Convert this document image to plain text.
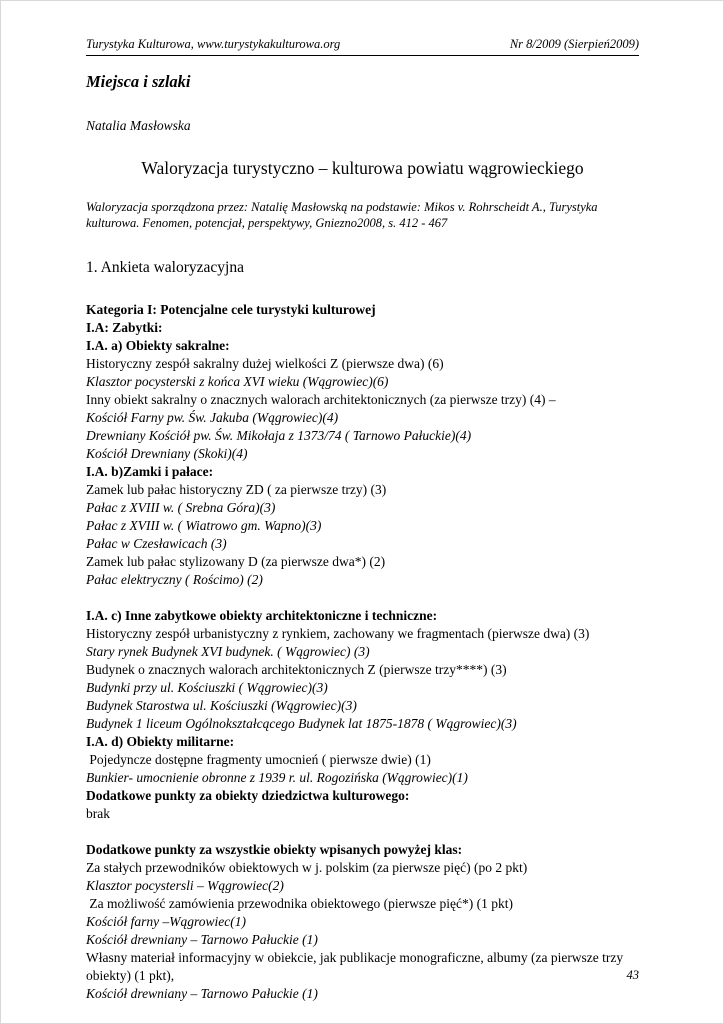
Turystyka Kulturowa, www.turystykakulturowa.org	Nr 8/2009 (Sierpień2009)
Miejsca i szlaki
Natalia Masłowska
Waloryzacja turystyczno – kulturowa powiatu wągrowieckiego
Waloryzacja sporządzona przez: Natalię Masłowską na podstawie: Mikos v. Rohrscheidt A., Turystyka kulturowa. Fenomen, potencjał, perspektywy, Gniezno2008, s. 412 - 467
1. Ankieta waloryzacyjna

Kategoria I: Potencjalne cele turystyki kulturowej

I.A: Zabytki:

I.A. a) Obiekty sakralne:

Historyczny zespół sakralny dużej wielkości Z (pierwsze dwa) (6)

Klasztor pocysterski z końca XVI wieku (Wągrowiec)(6)

Inny obiekt sakralny o znacznych walorach architektonicznych (za pierwsze trzy) (4) –

Kościół Farny pw. Św. Jakuba (Wągrowiec)(4)

Drewniany Kościół pw. Św. Mikołaja z 1373/74 ( Tarnowo Pałuckie)(4)

Kościół Drewniany (Skoki)(4)

I.A. b)Zamki i pałace:

Zamek lub pałac historyczny ZD ( za pierwsze trzy) (3)

Pałac z XVIII w. ( Srebna Góra)(3)

Pałac z XVIII w. ( Wiatrowo gm. Wapno)(3)

Pałac w Czesławicach (3)

Zamek lub pałac stylizowany D (za pierwsze dwa*) (2)

Pałac elektryczny ( Rościmo) (2)

I.A. c) Inne zabytkowe obiekty architektoniczne i techniczne:

Historyczny zespół urbanistyczny z rynkiem, zachowany we fragmentach (pierwsze dwa) (3)

Stary rynek Budynek XVI budynek. ( Wągrowiec) (3)

Budynek o znacznych walorach architektonicznych Z (pierwsze trzy****) (3)

Budynki przy ul. Kościuszki ( Wągrowiec)(3)

Budynek Starostwa ul. Kościuszki (Wągrowiec)(3)

Budynek 1 liceum Ogólnokształcącego Budynek lat 1875-1878 ( Wągrowiec)(3)

I.A. d) Obiekty militarne:

Pojedyncze dostępne fragmenty umocnień ( pierwsze dwie) (1)

Bunkier- umocnienie obronne z 1939 r. ul. Rogozińska (Wągrowiec)(1)

Dodatkowe punkty za obiekty dziedzictwa kulturowego:

brak

Dodatkowe punkty za wszystkie obiekty wpisanych powyżej klas:

Za stałych przewodników obiektowych w j. polskim (za pierwsze pięć) (po 2 pkt)

Klasztor pocystersli – Wągrowiec(2)

Za możliwość zamówienia przewodnika obiektowego (pierwsze pięć*) (1 pkt)

Kościół farny –Wągrowiec(1)

Kościół drewniany – Tarnowo Pałuckie (1)

Własny materiał informacyjny w obiekcie, jak publikacje monograficzne, albumy (za pierwsze trzy obiekty) (1 pkt),

Kościół drewniany – Tarnowo Pałuckie (1)

43
